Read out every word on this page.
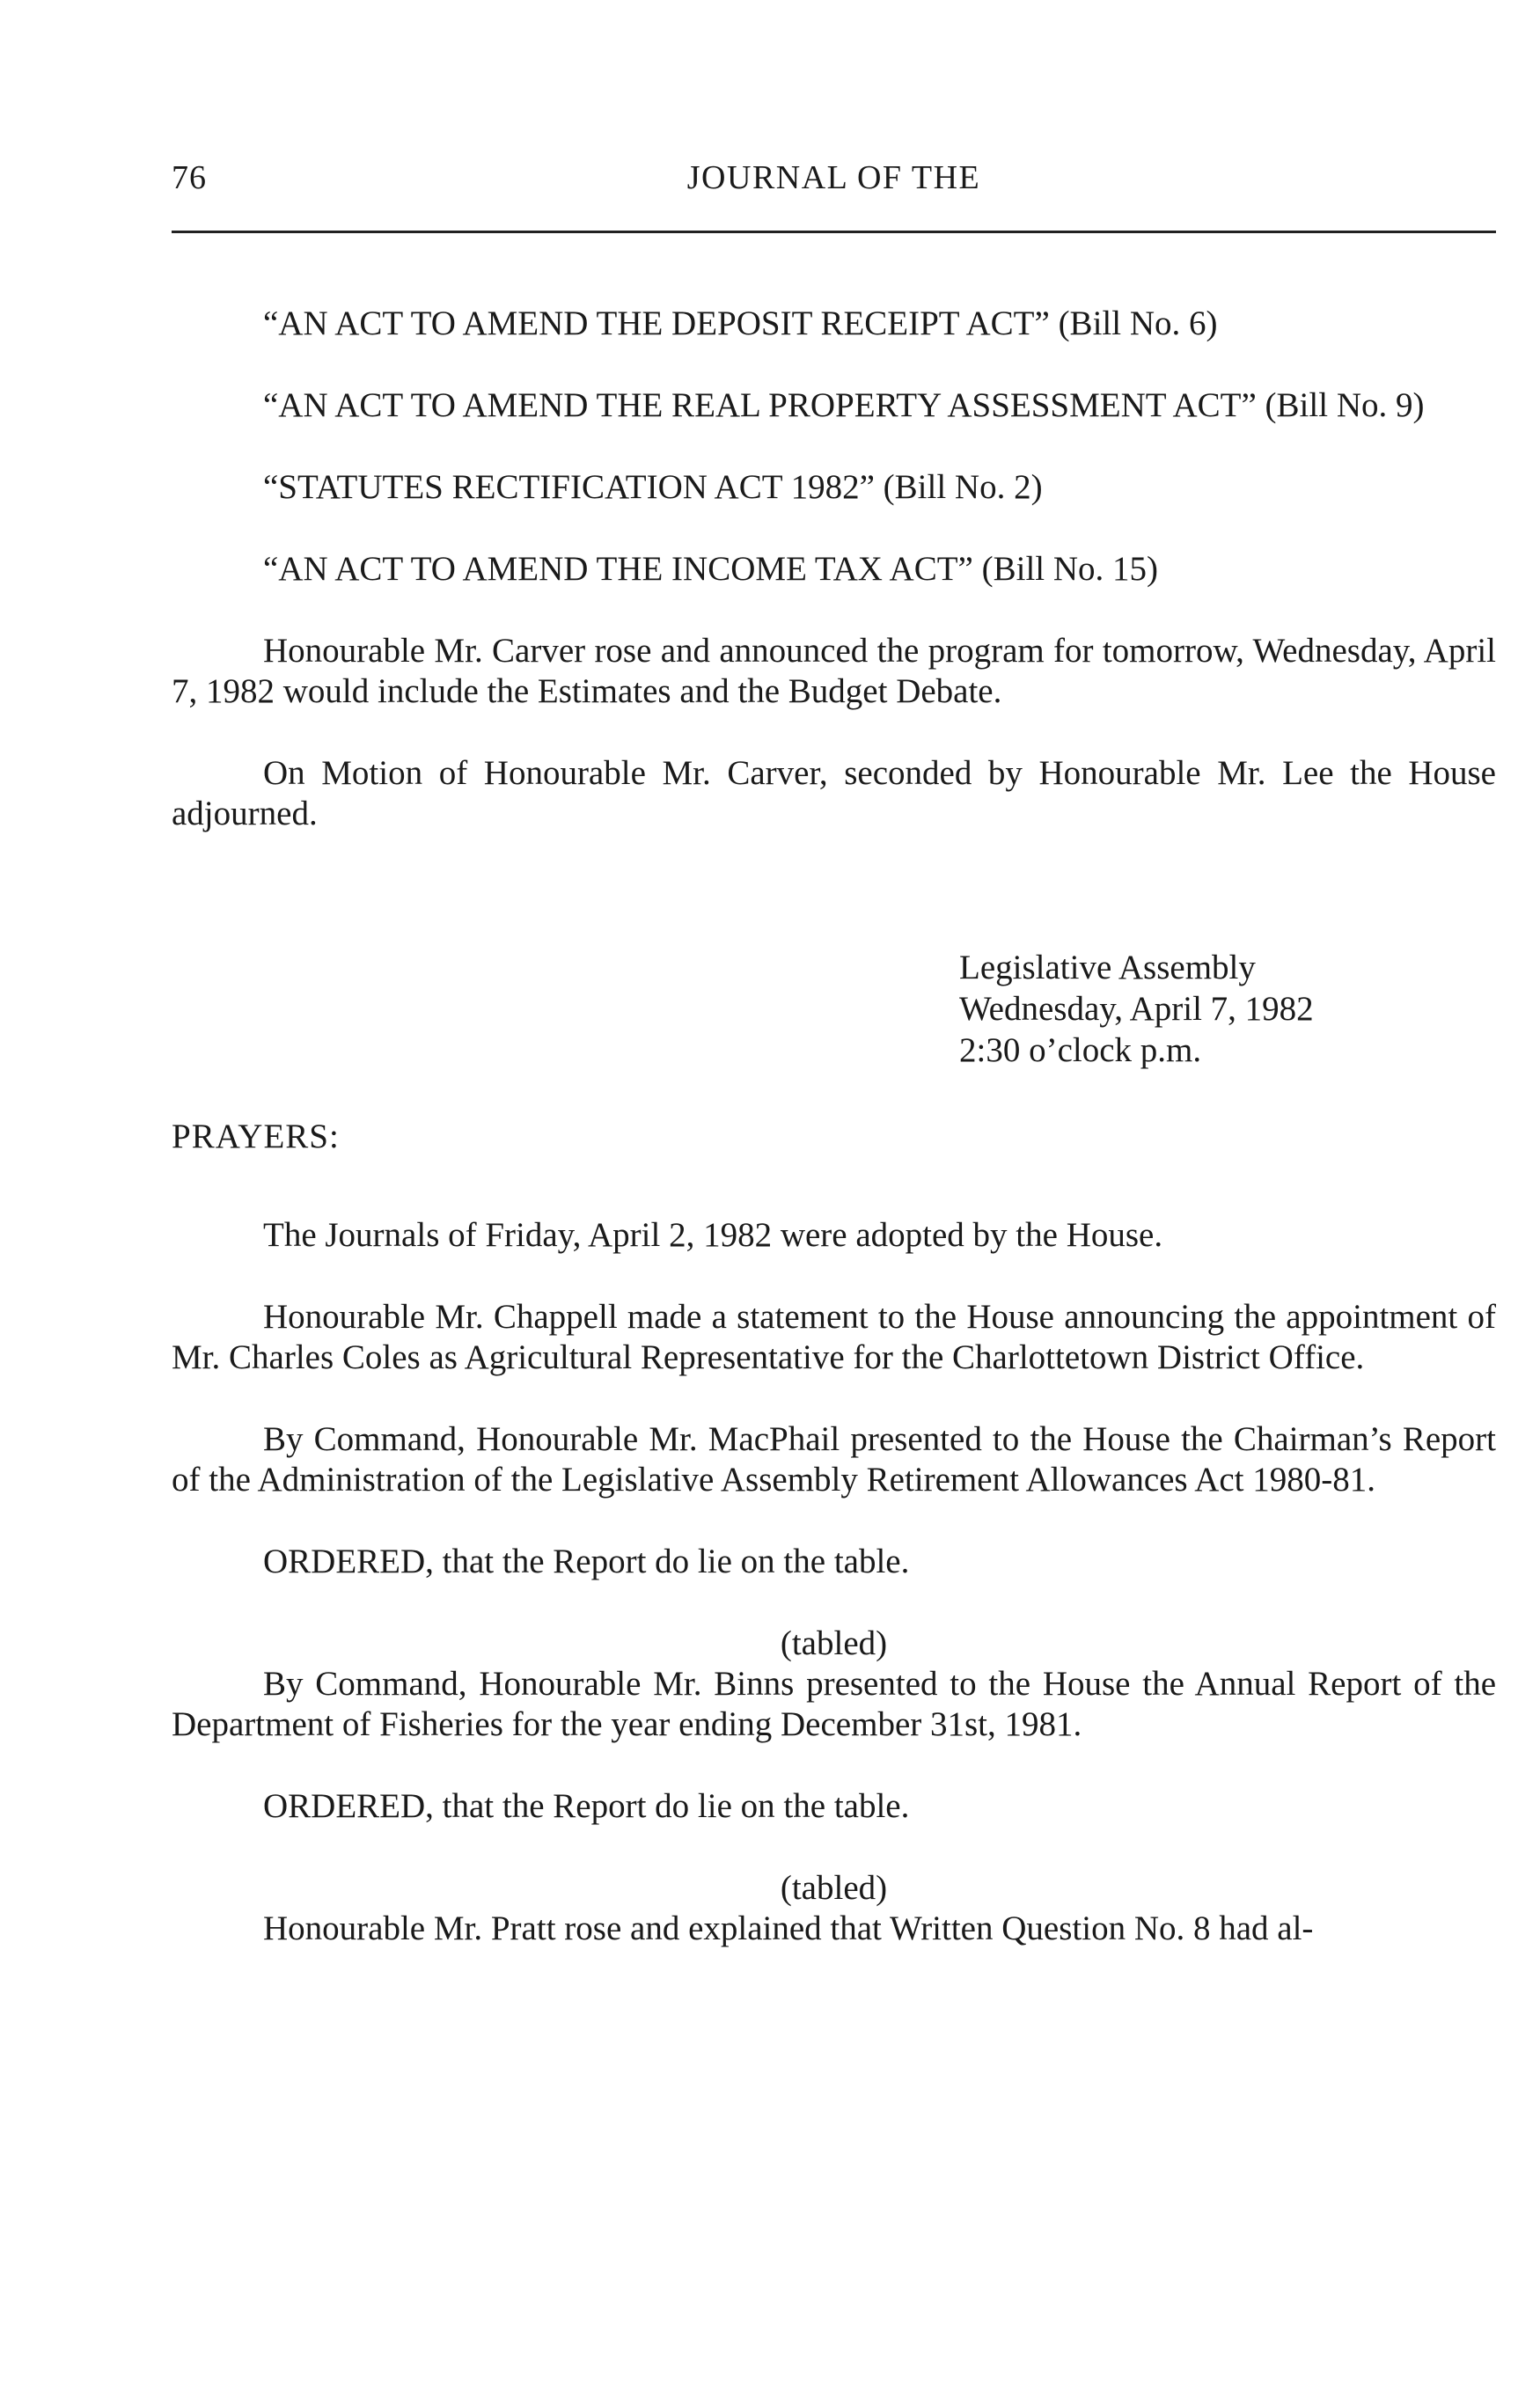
76	JOURNAL OF THE

“AN ACT TO AMEND THE DEPOSIT RECEIPT ACT” (Bill No. 6)

“AN ACT TO AMEND THE REAL PROPERTY ASSESSMENT ACT” (Bill No. 9)

“STATUTES RECTIFICATION ACT 1982” (Bill No. 2)

“AN ACT TO AMEND THE INCOME TAX ACT” (Bill No. 15)

Honourable Mr. Carver rose and announced the program for tomorrow, Wednesday, April 7, 1982 would include the Estimates and the Budget Debate.

On Motion of Honourable Mr. Carver, seconded by Honourable Mr. Lee the House adjourned.

Legislative Assembly
Wednesday, April 7, 1982
2:30 o’clock p.m.

PRAYERS:

The Journals of Friday, April 2, 1982 were adopted by the House.

Honourable Mr. Chappell made a statement to the House announcing the appointment of Mr. Charles Coles as Agricultural Representative for the Charlottetown District Office.

By Command, Honourable Mr. MacPhail presented to the House the Chairman’s Report of the Administration of the Legislative Assembly Retirement Allowances Act 1980-81.

ORDERED, that the Report do lie on the table.

(tabled)

By Command, Honourable Mr. Binns presented to the House the Annual Report of the Department of Fisheries for the year ending December 31st, 1981.

ORDERED, that the Report do lie on the table.

(tabled)

Honourable Mr. Pratt rose and explained that Written Question No. 8 had al-
